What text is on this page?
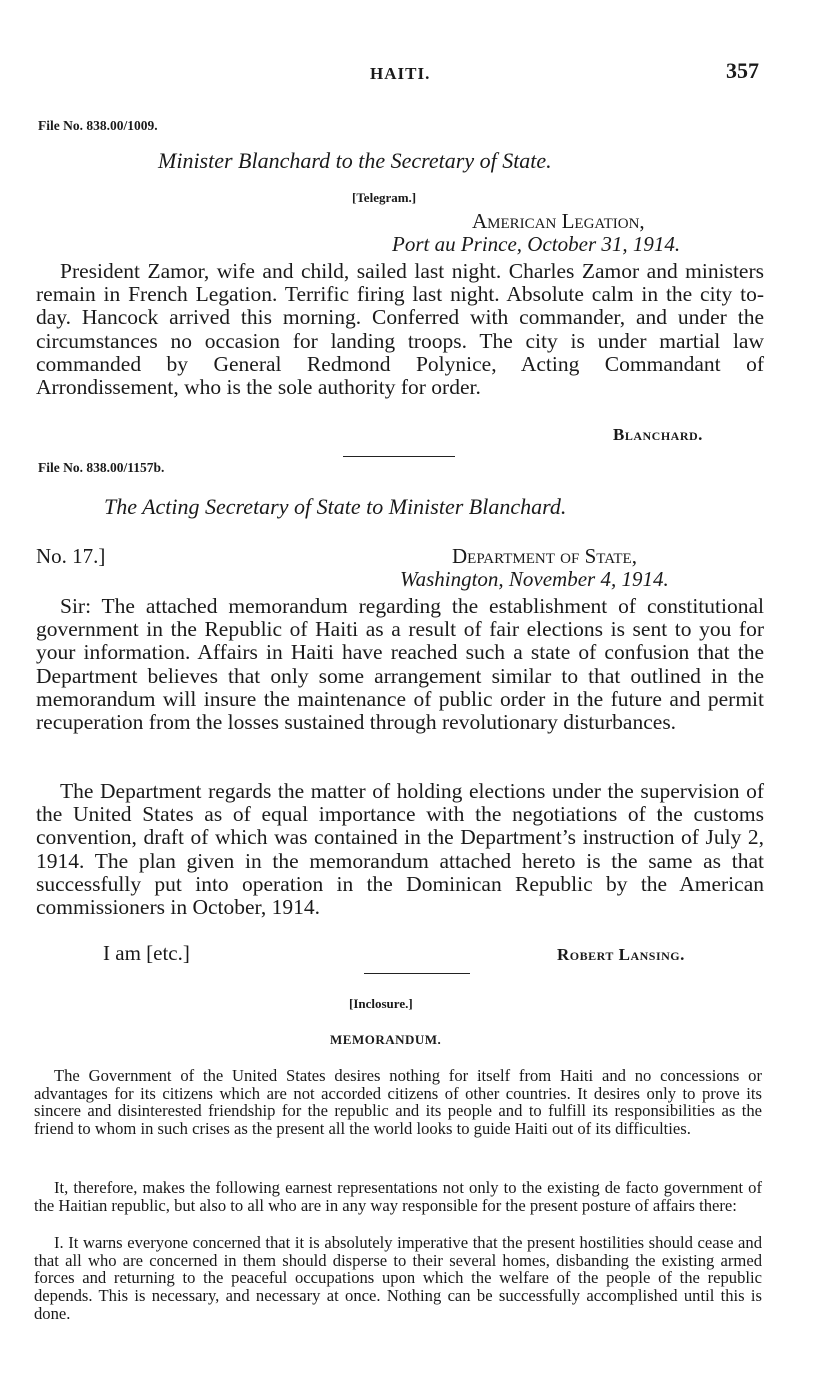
HAITI.	357
File No. 838.00/1009.
Minister Blanchard to the Secretary of State.
[Telegram.]
American Legation,
Port au Prince, October 31, 1914.
President Zamor, wife and child, sailed last night. Charles Zamor and ministers remain in French Legation. Terrific firing last night. Absolute calm in the city to-day. Hancock arrived this morning. Conferred with commander, and under the circumstances no occasion for landing troops. The city is under martial law commanded by General Redmond Polynice, Acting Commandant of Arrondissement, who is the sole authority for order.
Blanchard.
File No. 838.00/1157b.
The Acting Secretary of State to Minister Blanchard.
No. 17.]	Department of State,
Washington, November 4, 1914.
Sir: The attached memorandum regarding the establishment of constitutional government in the Republic of Haiti as a result of fair elections is sent to you for your information. Affairs in Haiti have reached such a state of confusion that the Department believes that only some arrangement similar to that outlined in the memorandum will insure the maintenance of public order in the future and permit recuperation from the losses sustained through revolutionary disturbances.
The Department regards the matter of holding elections under the supervision of the United States as of equal importance with the negotiations of the customs convention, draft of which was contained in the Department’s instruction of July 2, 1914. The plan given in the memorandum attached hereto is the same as that successfully put into operation in the Dominican Republic by the American commissioners in October, 1914.
I am [etc.]	Robert Lansing.
[Inclosure.]
MEMORANDUM.
The Government of the United States desires nothing for itself from Haiti and no concessions or advantages for its citizens which are not accorded citizens of other countries. It desires only to prove its sincere and disinterested friendship for the republic and its people and to fulfill its responsibilities as the friend to whom in such crises as the present all the world looks to guide Haiti out of its difficulties.
It, therefore, makes the following earnest representations not only to the existing de facto government of the Haitian republic, but also to all who are in any way responsible for the present posture of affairs there:
I. It warns everyone concerned that it is absolutely imperative that the present hostilities should cease and that all who are concerned in them should disperse to their several homes, disbanding the existing armed forces and returning to the peaceful occupations upon which the welfare of the people of the republic depends. This is necessary, and necessary at once. Nothing can be successfully accomplished until this is done.
